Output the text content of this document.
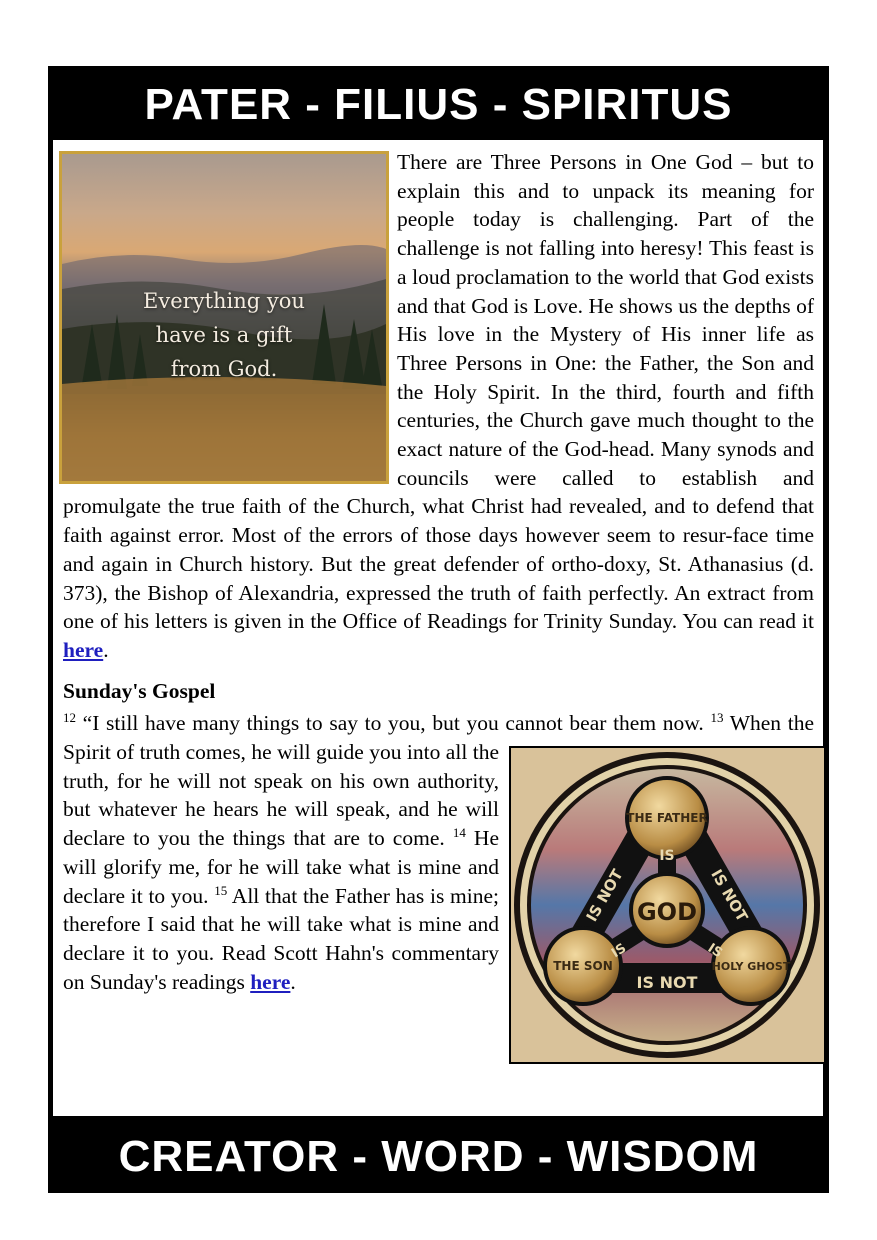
PATER - FILIUS - SPIRITUS
Everything you
have is a gift
from God.

There are Three Persons in One God – but to explain this and to unpack its meaning for people today is challenging. Part of the challenge is not falling into heresy! This feast is a loud proclamation to the world that God exists and that God is Love. He shows us the depths of His love in the Mystery of His inner life as Three Persons in One: the Father, the Son and the Holy Spirit. In the third, fourth and fifth centuries, the Church gave much thought to the exact nature of the God-head. Many synods and councils were called to establish and promulgate the true faith of the Church, what Christ had revealed, and to defend that faith against error. Most of the errors of those days however seem to resur-face time and again in Church history. But the great defender of ortho-doxy, St. Athanasius (d. 373), the Bishop of Alexandria, expressed the truth of faith perfectly. An extract from one of his letters is given in the Office of Readings for Trinity Sunday. You can read it here.

Sunday's Gospel

$^{12}$ “I still have many things to say to you, but you cannot bear them now.
GOD
THE FATHER
THE SON	HOLY GHOST
IS
IS NOT
IS NOT	IS NOT
IS	IS
$^{13}$ When the Spirit of truth comes, he will guide you into all the truth, for he will not speak on his own authority, but whatever he hears he will speak, and he will declare to you the things that are to come. $^{14}$ He will glorify me, for he will take what is mine and declare it to you. $^{15}$ All that the Father has is mine; therefore I said that he will take what is mine and declare it to you. Read Scott Hahn's commentary on Sunday's readings here.

CREATOR - WORD - WISDOM
